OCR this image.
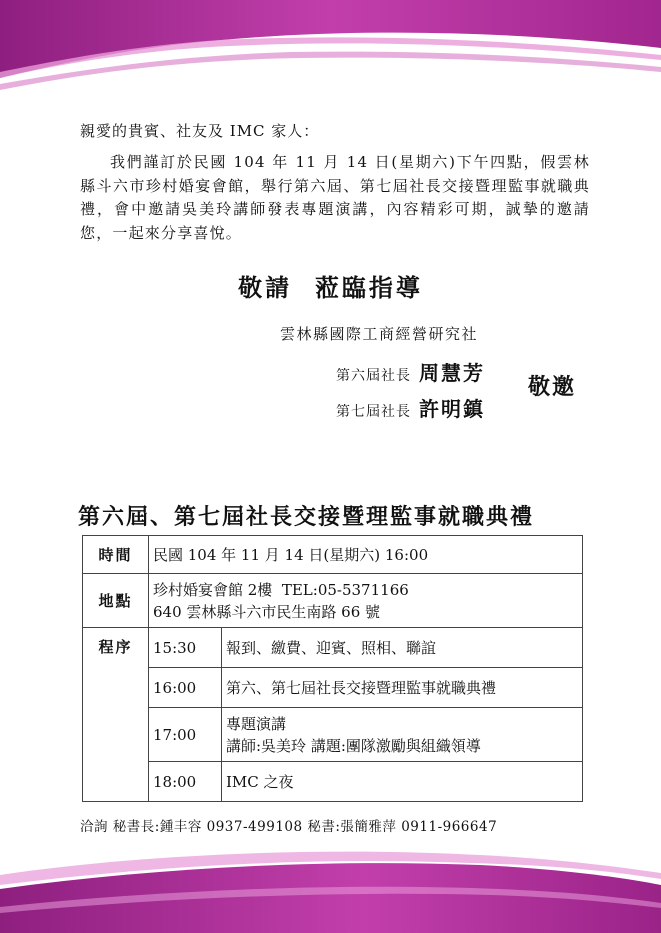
親愛的貴賓、社友及 IMC 家人：
我們謹訂於民國 104 年 11 月 14 日(星期六)下午四點，假雲林縣斗六市珍村婚宴會館，舉行第六屆、第七屆社長交接暨理監事就職典禮，會中邀請吳美玲講師發表專題演講，內容精彩可期，誠摯的邀請您，一起來分享喜悅。
敬請  蒞臨指導
雲林縣國際工商經營研究社
第六屆社長 周慧芳
第七屆社長 許明鎮
敬邀
第六屆、第七屆社長交接暨理監事就職典禮
時間	民國 104 年 11 月 14 日(星期六) 16:00	
地點	珍村婚宴會館 2樓  TEL:05-5371166
640 雲林縣斗六市民生南路 66 號	

程序	15:30	報到、繳費、迎賓、照相、聯誼
	16:00	第六、第七屆社長交接暨理監事就職典禮
	17:00	專題演講
講師:吳美玲 講題:團隊激勵與組織領導

	18:00	IMC 之夜
洽詢 秘書長:鍾丰容 0937-499108 秘書:張簡雅萍 0911-966647
